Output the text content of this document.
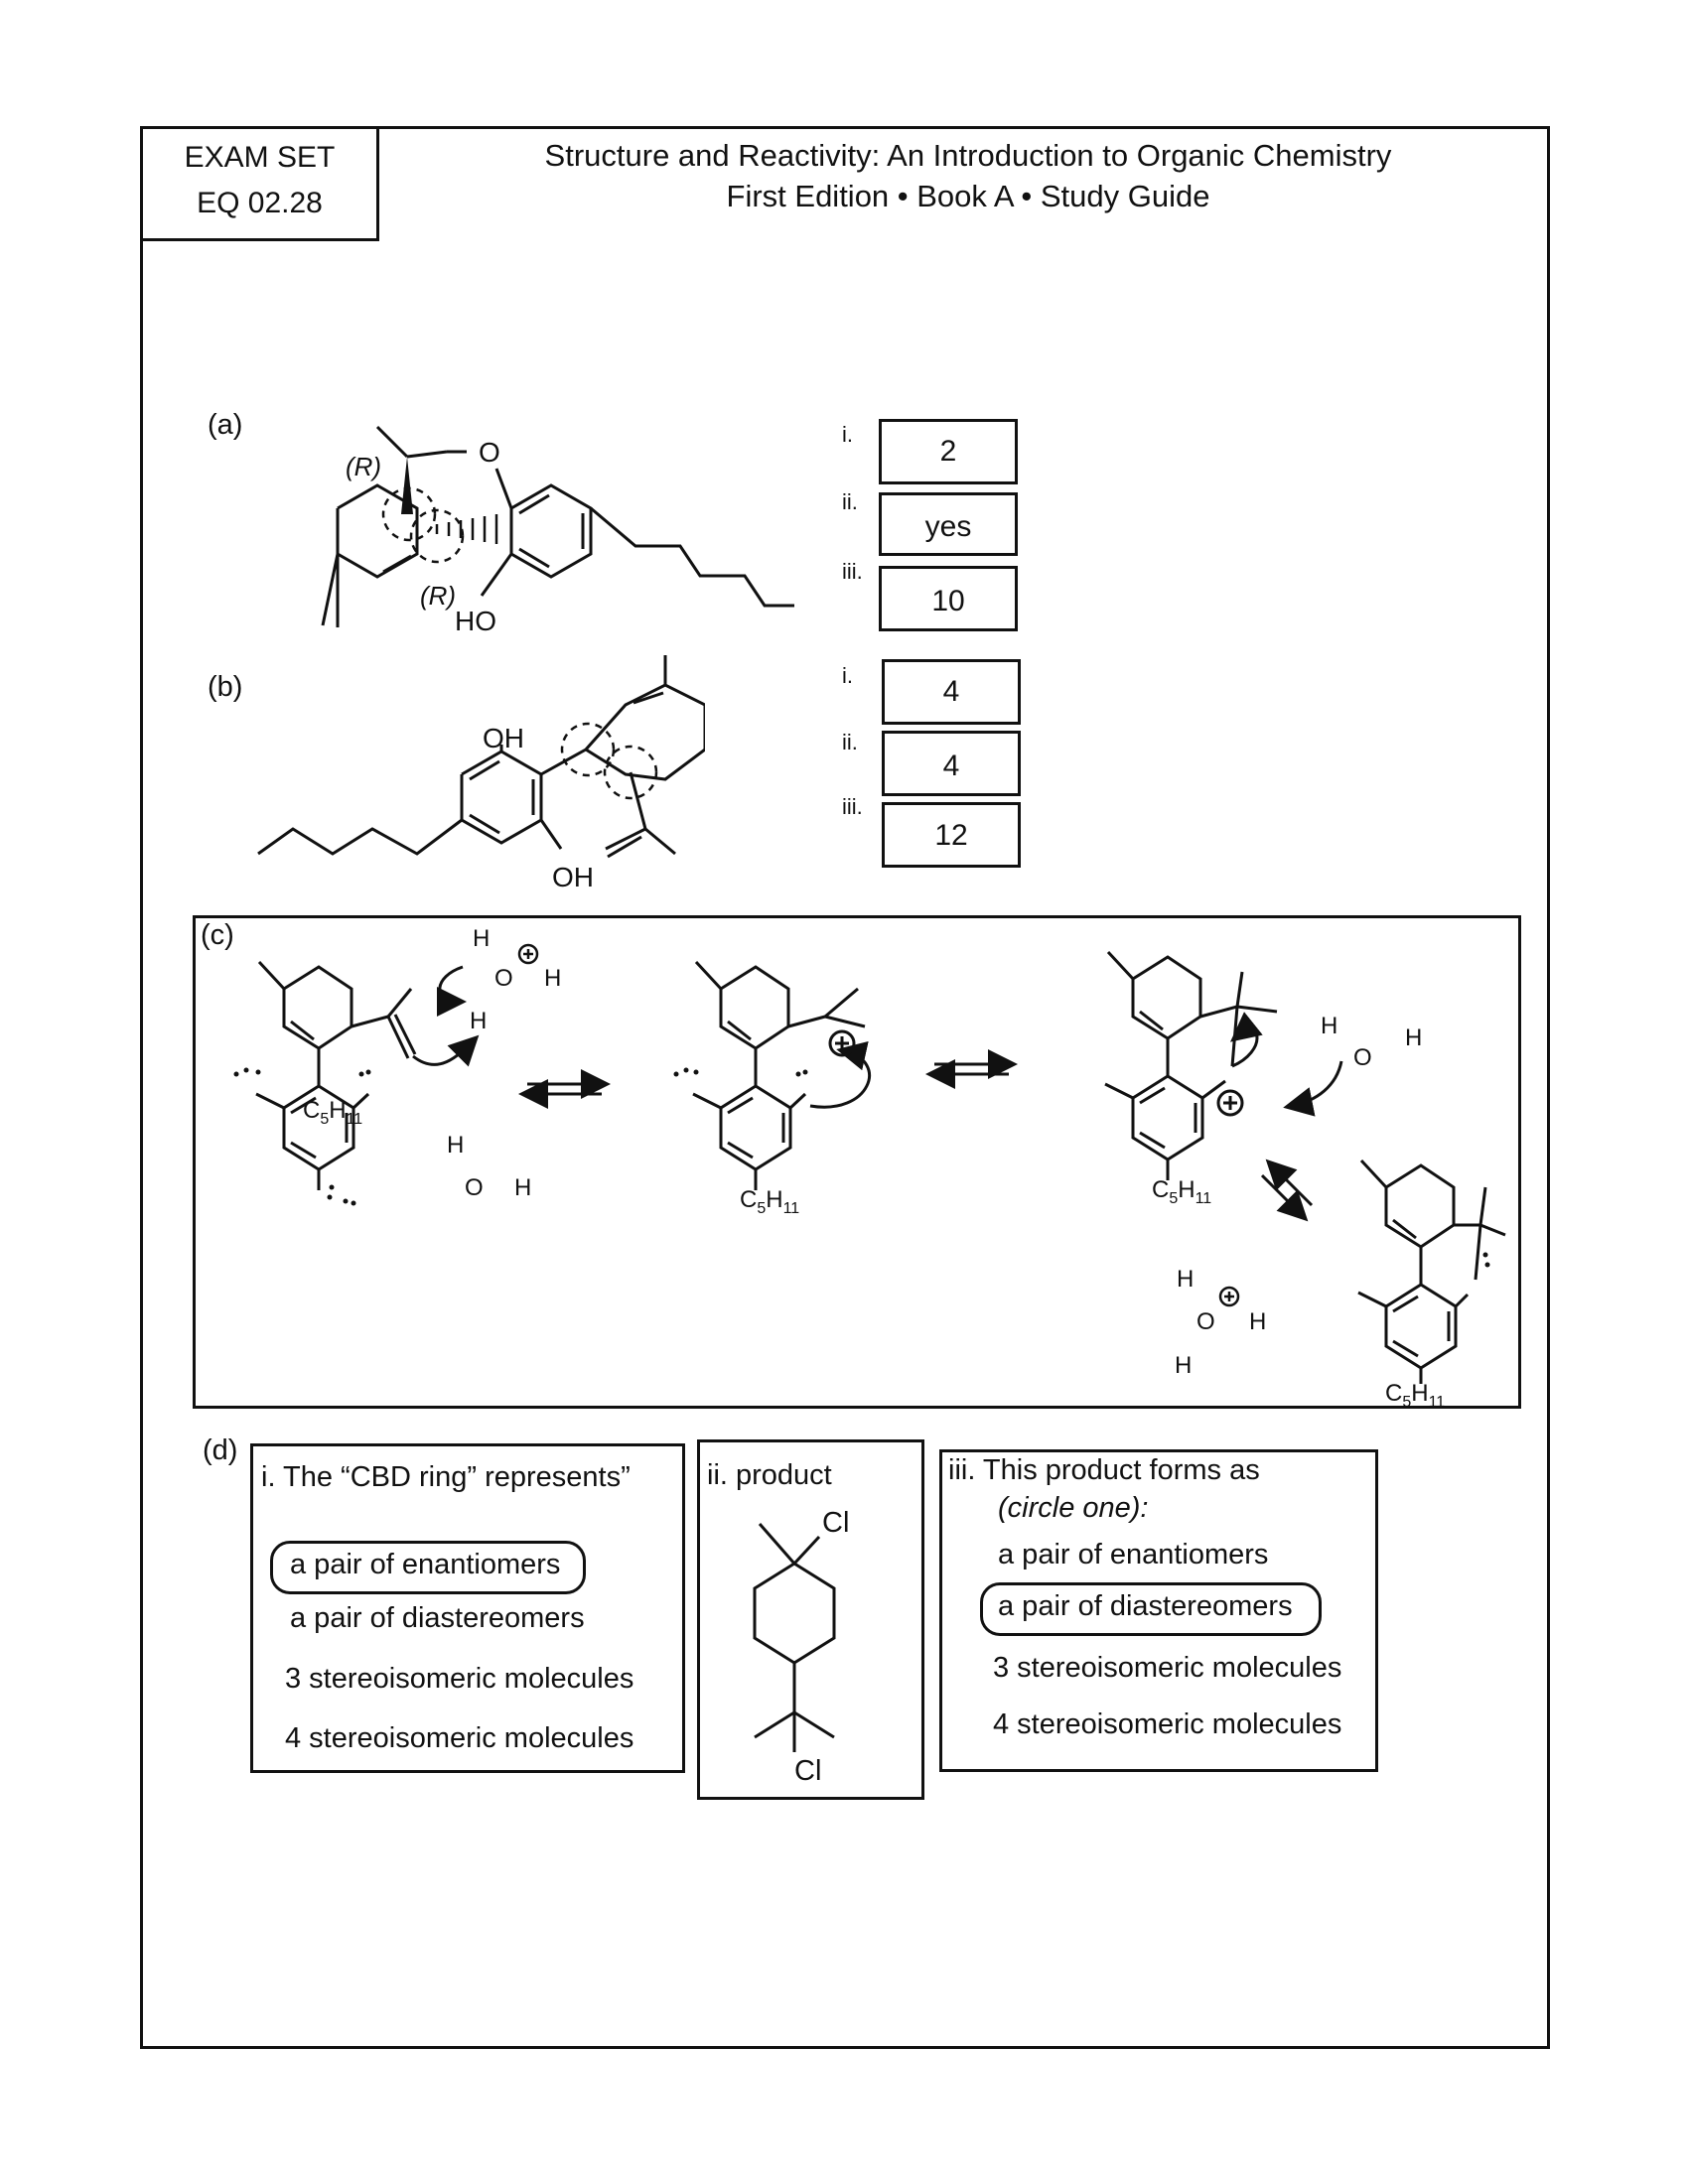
EXAM SET
EQ 02.28
Structure and Reactivity: An Introduction to Organic Chemistry
First Edition • Book A • Study Guide
(a)
(R)
(R)
O
HO
i.
2
ii.
yes
iii.
10
(b)
OH
OH
i.	4
ii.
4
iii.
12
(c)
$C_5H_{11}$
$C_5H_{11}$
$C_5H_{11}$
$C_5H_{11}$
H
O H
H
H
O H
H
O
H
H
O H
H
(d)
i. The “CBD ring” represents”
a pair of enantiomers
a pair of diastereomers
3 stereoisomeric molecules
4 stereoisomeric molecules
ii. product
Cl
Cl
iii. This product forms as
(circle one):
a pair of enantiomers
a pair of diastereomers
3 stereoisomeric molecules
4 stereoisomeric molecules
